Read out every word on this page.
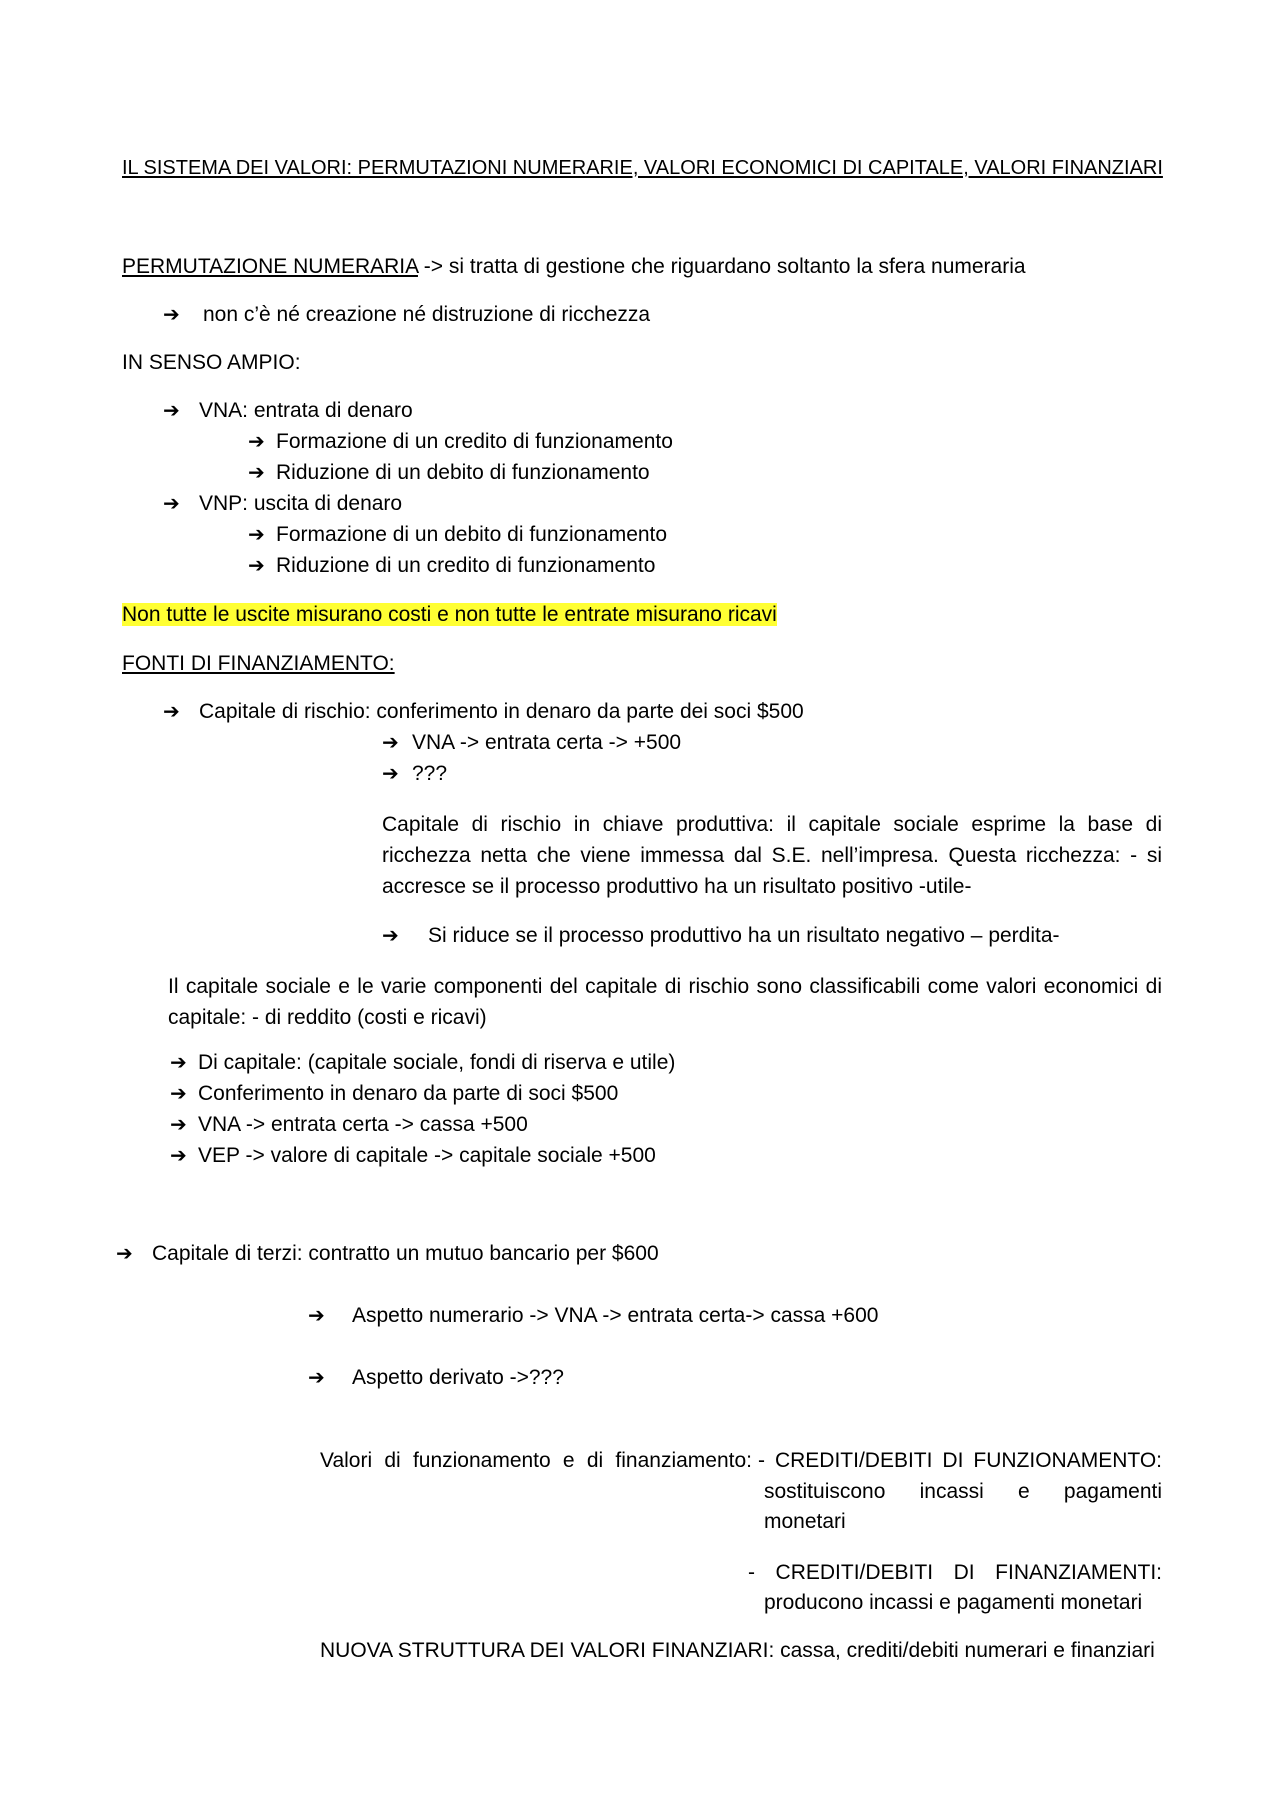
IL SISTEMA DEI VALORI: PERMUTAZIONI NUMERARIE, VALORI ECONOMICI DI CAPITALE, VALORI FINANZIARI
PERMUTAZIONE NUMERARIA -> si tratta di gestione che riguardano soltanto la sfera numeraria
➔ non c’è né creazione né distruzione di ricchezza
IN SENSO AMPIO:
➔ VNA: entrata di denaro
➔ Formazione di un credito di funzionamento
➔ Riduzione di un debito di funzionamento
➔ VNP: uscita di denaro
➔ Formazione di un debito di funzionamento
➔ Riduzione di un credito di funzionamento
Non tutte le uscite misurano costi e non tutte le entrate misurano ricavi
FONTI DI FINANZIAMENTO:
➔ Capitale di rischio: conferimento in denaro da parte dei soci $500
➔ VNA -> entrata certa -> +500
➔ ???
Capitale di rischio in chiave produttiva: il capitale sociale esprime la base di ricchezza netta che viene immessa dal S.E. nell’impresa. Questa ricchezza: - si accresce se il processo produttivo ha un risultato positivo -utile-
➔ Si riduce se il processo produttivo ha un risultato negativo – perdita-
Il capitale sociale e le varie componenti del capitale di rischio sono classificabili come valori economici di capitale: - di reddito (costi e ricavi)
➔ Di capitale: (capitale sociale, fondi di riserva e utile)
➔ Conferimento in denaro da parte di soci $500
➔ VNA -> entrata certa -> cassa +500
➔ VEP -> valore di capitale -> capitale sociale +500
➔ Capitale di terzi: contratto un mutuo bancario per $600
➔ Aspetto numerario -> VNA -> entrata certa-> cassa +600
➔ Aspetto derivato ->???
Valori di funzionamento e di finanziamento: - CREDITI/DEBITI DI FUNZIONAMENTO:
sostituiscono incassi e pagamenti
monetari
- CREDITI/DEBITI DI FINANZIAMENTI:
producono incassi e pagamenti monetari
NUOVA STRUTTURA DEI VALORI FINANZIARI: cassa, crediti/debiti numerari e finanziari
